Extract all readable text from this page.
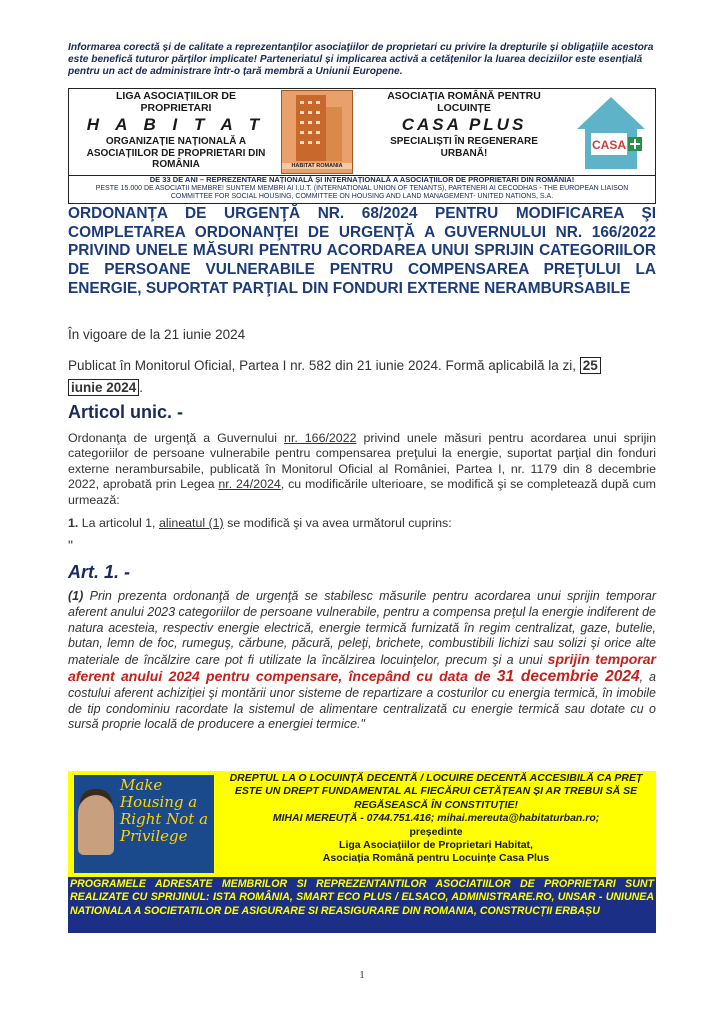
Informarea corectă și de calitate a reprezentanților asociațiilor de proprietari cu privire la drepturile și obligațiile acestora este benefică tuturor părților implicate! Parteneriatul și implicarea activă a cetățenilor la luarea deciziilor este esențială pentru un act de administrare într-o țară membră a Uniunii Europene.
LIGA ASOCIAȚIILOR DE PROPRIETARI
H A B I T A T
ORGANIZAȚIE NAȚIONALĂ A ASOCIAȚIILOR DE PROPRIETARI DIN ROMÂNIA	HABITAT ROMANIA
ASOCIAȚIA ROMÂNĂ PENTRU LOCUINȚE
CASA PLUS
SPECIALIȘTI ÎN REGENERARE URBANĂ!
CASA
DE 33 DE ANI – REPREZENTARE NAȚIONALĂ ȘI INTERNAȚIONALĂ A ASOCIAȚIILOR DE PROPRIETARI DIN ROMÂNIA!
PESTE 15.000 DE ASOCIATII MEMBRE! SUNTEM MEMBRI AI I.U.T. (INTERNATIONAL UNION OF TENANTS), PARTENERI AI CECODHAS - THE EUROPEAN LIAISON COMMITTEE FOR SOCIAL HOUSING, COMMITTEE ON HOUSING AND LAND MANAGEMENT- UNITED NATIONS, S.A.
ORDONANŢA DE URGENŢĂ NR. 68/2024 PENTRU MODIFICAREA ŞI COMPLETAREA ORDONANŢEI DE URGENŢĂ A GUVERNULUI NR. 166/2022 PRIVIND UNELE MĂSURI PENTRU ACORDAREA UNUI SPRIJIN CATEGORIILOR DE PERSOANE VULNERABILE PENTRU COMPENSAREA PREŢULUI LA ENERGIE, SUPORTAT PARŢIAL DIN FONDURI EXTERNE NERAMBURSABILE
În vigoare de la 21 iunie 2024
Publicat în Monitorul Oficial, Partea I nr. 582 din 21 iunie 2024. Formă aplicabilă la zi, 25
iunie 2024 .
Articol unic. -
Ordonanţa de urgenţă a Guvernului nr. 166/2022 privind unele măsuri pentru acordarea unui sprijin categoriilor de persoane vulnerabile pentru compensarea preţului la energie, suportat parţial din fonduri externe nerambursabile, publicată în Monitorul Oficial al României, Partea I, nr. 1179 din 8 decembrie 2022, aprobată prin Legea nr. 24/2024, cu modificările ulterioare, se modifică şi se completează după cum urmează:
1. La articolul 1, alineatul (1) se modifică şi va avea următorul cuprins:
"
Art. 1. -
(1) Prin prezenta ordonanţă de urgenţă se stabilesc măsurile pentru acordarea unui sprijin temporar aferent anului 2023 categoriilor de persoane vulnerabile, pentru a compensa preţul la energie indiferent de natura acesteia, respectiv energie electrică, energie termică furnizată în regim centralizat, gaze, butelie, butan, lemn de foc, rumeguş, cărbune, păcură, peleţi, brichete, combustibili lichizi sau solizi şi orice alte materiale de încălzire care pot fi utilizate la încălzirea locuinţelor, precum şi a unui sprijin temporar aferent anului 2024 pentru compensare, începând cu data de 31 decembrie 2024, a costului aferent achiziţiei şi montării unor sisteme de repartizare a costurilor cu energia termică, în imobile de tip condominiu racordate la sistemul de alimentare centralizată cu energie termică sau dotate cu o sursă proprie locală de producere a energiei termice."
Make Housing a Right Not a Privilege
DREPTUL LA O LOCUINȚĂ DECENTĂ / LOCUIRE DECENTĂ ACCESIBILĂ CA PREȚ ESTE UN DREPT FUNDAMENTAL AL FIECĂRUI CETĂȚEAN ȘI AR TREBUI SĂ SE REGĂSEASCĂ ÎN CONSTITUȚIE!
MIHAI MEREUȚĂ - 0744.751.416; mihai.mereuta@habitaturban.ro;
președinte
Liga Asociațiilor de Proprietari Habitat,
Asociația Română pentru Locuințe Casa Plus
PROGRAMELE ADRESATE MEMBRILOR SI REPREZENTANTILOR ASOCIATIILOR DE PROPRIETARI SUNT REALIZATE CU SPRIJINUL: ISTA ROMÂNIA, SMART ECO PLUS / ELSACO, ADMINISTRARE.RO, UNSAR - UNIUNEA NATIONALA A SOCIETATILOR DE ASIGURARE SI REASIGURARE DIN ROMANIA, CONSTRUCȚII ERBAȘU
1
